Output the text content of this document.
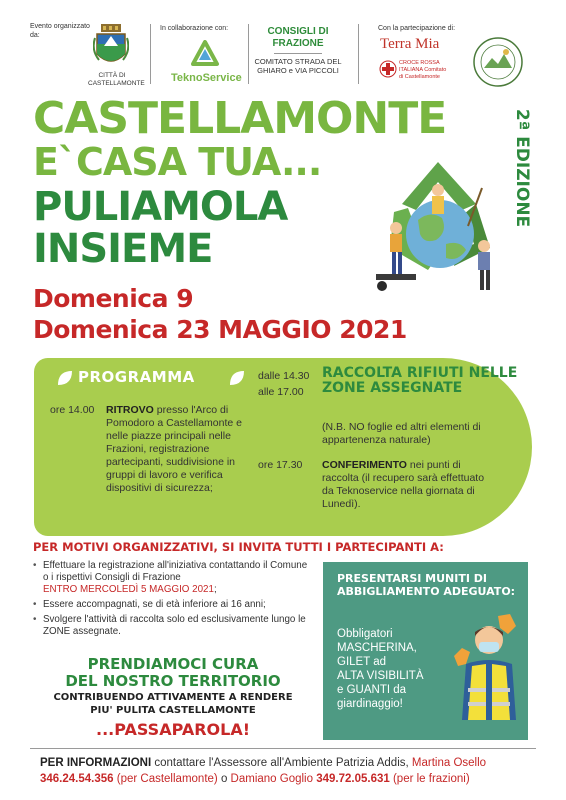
Evento organizzato da:
CITTÀ DI CASTELLAMONTE
In collaborazione con:
TeknoService
CONSIGLI DI FRAZIONE
COMITATO STRADA DEL GHIARO e VIA PICCOLI
Con la partecipazione di:
Terra Mia
CROCE ROSSA ITALIANA Comitato di Castellamonte
CASTELLAMONTE
E`CASA TUA...
PULIAMOLA
INSIEME
2ª EDIZIONE
Domenica 9
Domenica 23 MAGGIO 2021
PROGRAMMA
ore 14.00	RITROVO presso l'Arco di Pomodoro a Castellamonte e nelle piazze principali nelle Frazioni, registrazione partecipanti, suddivisione in gruppi di lavoro e verifica dispositivi di sicurezza;
dalle 14.30
alle 17.00
RACCOLTA RIFIUTI NELLE ZONE ASSEGNATE
(N.B. NO foglie ed altri elementi di appartenenza naturale)
ore 17.30	CONFERIMENTO nei punti di raccolta (il recupero sarà effettuato da Teknoservice nella giornata di Lunedì).
PER MOTIVI ORGANIZZATIVI, SI INVITA TUTTI I PARTECIPANTI A:
• Effettuare la registrazione all'iniziativa contattando il Comune o i rispettivi Consigli di Frazione
ENTRO MERCOLEDÌ 5 MAGGIO 2021;
• Essere accompagnati, se di età inferiore ai 16 anni;
• Svolgere l'attività di raccolta solo ed esclusivamente lungo le ZONE assegnate.
PRENDIAMOCI CURA
DEL NOSTRO TERRITORIO
CONTRIBUENDO ATTIVAMENTE A RENDERE
PIU' PULITA CASTELLAMONTE
...PASSAPAROLA!
PRESENTARSI MUNITI DI ABBIGLIAMENTO ADEGUATO:
Obbligatori
MASCHERINA,
GILET ad
ALTA VISIBILITÀ
e GUANTI da
giardinaggio!
PER INFORMAZIONI contattare l'Assessore all'Ambiente Patrizia Addis, Martina Osello
346.24.54.356 (per Castellamonte) o Damiano Goglio 349.72.05.631 (per le frazioni)
